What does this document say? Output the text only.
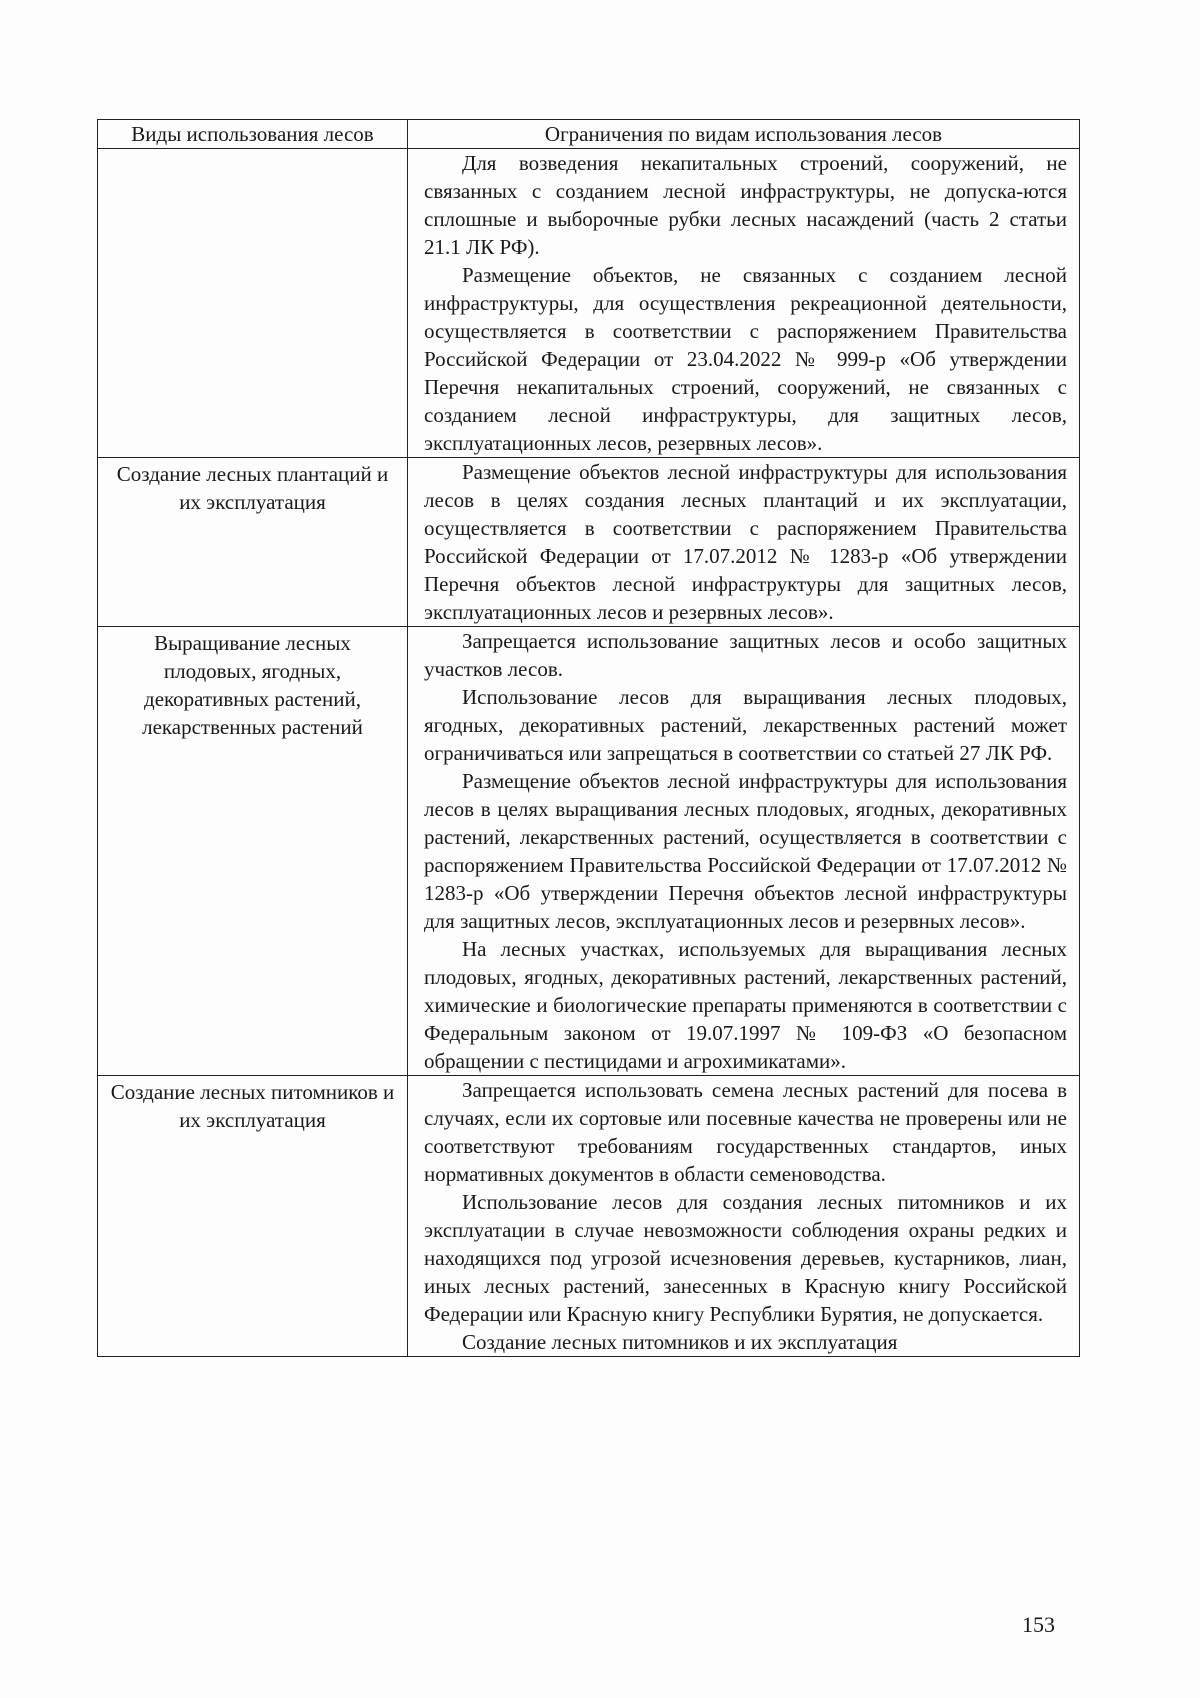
Виды использования лесов	Ограничения по видам использования лесов

	Для возведения некапитальных строений, сооружений, не связанных с созданием лесной инфраструктуры, не допуска-ются сплошные и выборочные рубки лесных насаждений (часть 2 статьи 21.1 ЛК РФ).

Размещение объектов, не связанных с созданием лесной инфраструктуры, для осуществления рекреационной деятельности, осуществляется в соответствии с распоряжением Правительства Российской Федерации от 23.04.2022 № 999-р «Об утверждении Перечня некапитальных строений, сооружений, не связанных с созданием лесной инфраструктуры, для защитных лесов, эксплуатационных лесов, резервных лесов».

Создание лесных плантаций и их эксплуатация	Размещение объектов лесной инфраструктуры для использования лесов в целях создания лесных плантаций и их эксплуатации, осуществляется в соответствии с распоряжением Правительства Российской Федерации от 17.07.2012 № 1283-р «Об утверждении Перечня объектов лесной инфраструктуры для защитных лесов, эксплуатационных лесов и резервных лесов».

Выращивание лесных плодовых, ягодных, декоративных растений, лекарственных растений	Запрещается использование защитных лесов и особо защитных участков лесов.

Использование лесов для выращивания лесных плодовых, ягодных, декоративных растений, лекарственных растений может ограничиваться или запрещаться в соответствии со статьей 27 ЛК РФ.

Размещение объектов лесной инфраструктуры для использования лесов в целях выращивания лесных плодовых, ягодных, декоративных растений, лекарственных растений, осуществляется в соответствии с распоряжением Правительства Российской Федерации от 17.07.2012 № 1283-р «Об утверждении Перечня объектов лесной инфраструктуры для защитных лесов, эксплуатационных лесов и резервных лесов».

На лесных участках, используемых для выращивания лесных плодовых, ягодных, декоративных растений, лекарственных растений, химические и биологические препараты применяются в соответствии с Федеральным законом от 19.07.1997 № 109-ФЗ «О безопасном обращении с пестицидами и агрохимикатами».

Создание лесных питомников и их эксплуатация	Запрещается использовать семена лесных растений для посева в случаях, если их сортовые или посевные качества не проверены или не соответствуют требованиям государственных стандартов, иных нормативных документов в области семеноводства.

Использование лесов для создания лесных питомников и их эксплуатации в случае невозможности соблюдения охраны редких и находящихся под угрозой исчезновения деревьев, кустарников, лиан, иных лесных растений, занесенных в Красную книгу Российской Федерации или Красную книгу Республики Бурятия, не допускается.

Создание лесных питомников и их эксплуатация

153
